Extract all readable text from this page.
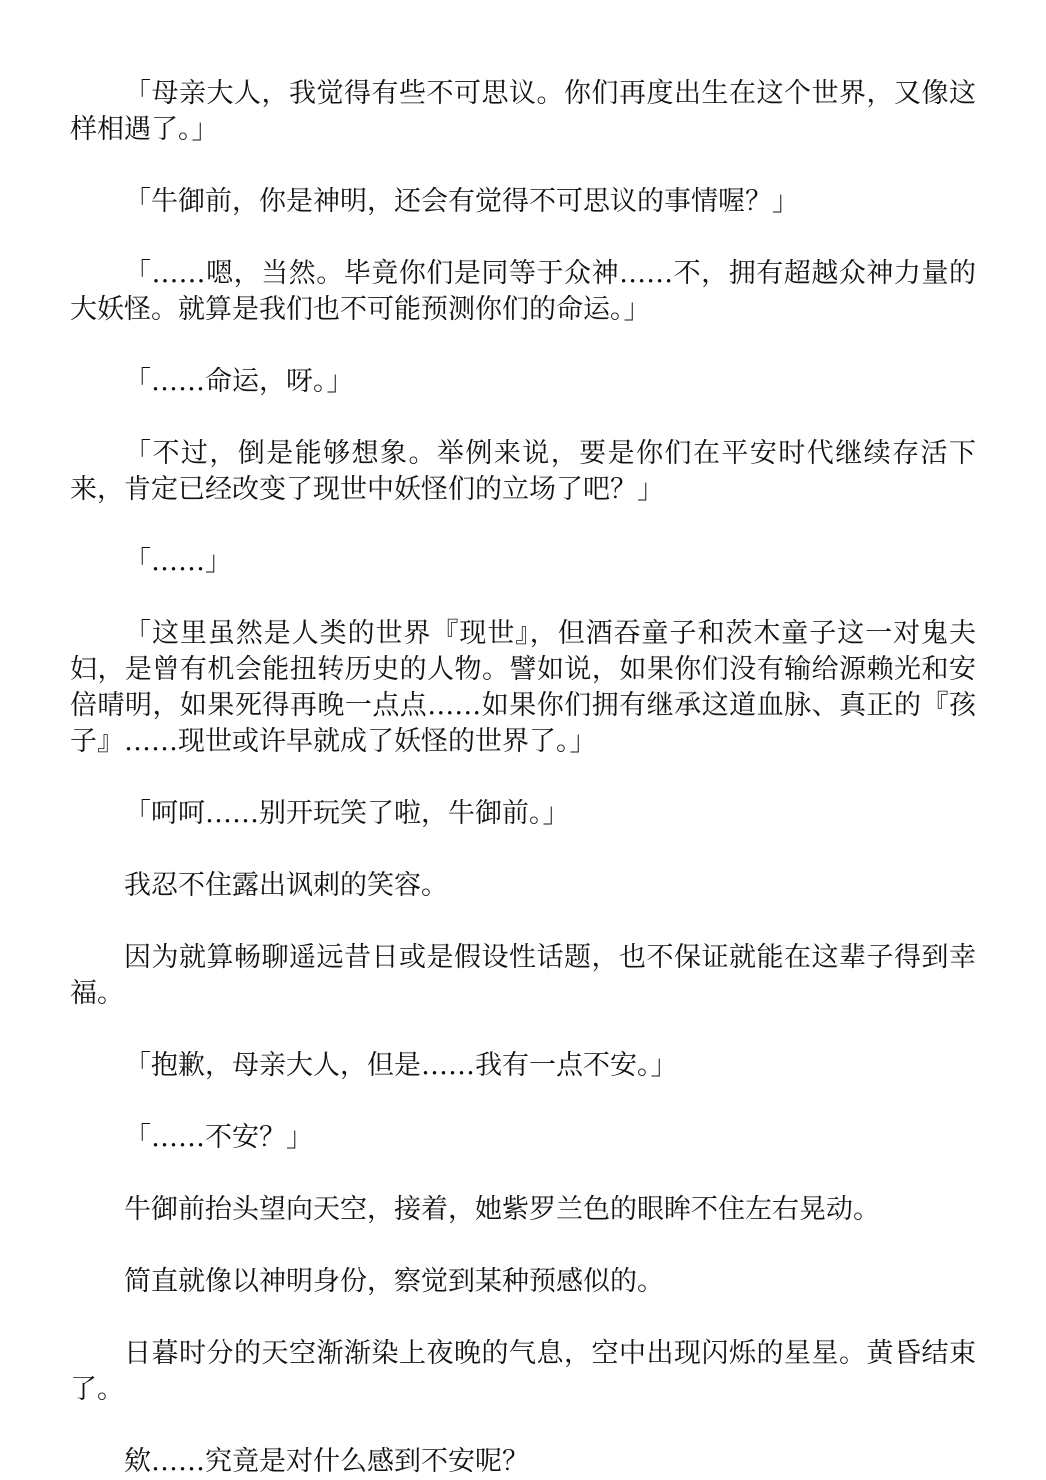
「母亲大人，我觉得有些不可思议。你们再度出生在这个世界，又像这样相遇了。」

「牛御前，你是神明，还会有觉得不可思议的事情喔？」

「……嗯，当然。毕竟你们是同等于众神……不，拥有超越众神力量的大妖怪。就算是我们也不可能预测你们的命运。」

「……命运，呀。」

「不过，倒是能够想象。举例来说，要是你们在平安时代继续存活下来，肯定已经改变了现世中妖怪们的立场了吧？」

「……」

「这里虽然是人类的世界『现世』，但酒吞童子和茨木童子这一对鬼夫妇，是曾有机会能扭转历史的人物。譬如说，如果你们没有输给源赖光和安倍晴明，如果死得再晚一点点……如果你们拥有继承这道血脉、真正的『孩子』……现世或许早就成了妖怪的世界了。」

「呵呵……别开玩笑了啦，牛御前。」

我忍不住露出讽刺的笑容。

因为就算畅聊遥远昔日或是假设性话题，也不保证就能在这辈子得到幸福。

「抱歉，母亲大人，但是……我有一点不安。」

「……不安？」

牛御前抬头望向天空，接着，她紫罗兰色的眼眸不住左右晃动。

简直就像以神明身份，察觉到某种预感似的。

日暮时分的天空渐渐染上夜晚的气息，空中出现闪烁的星星。黄昏结束了。

欸……究竟是对什么感到不安呢？
